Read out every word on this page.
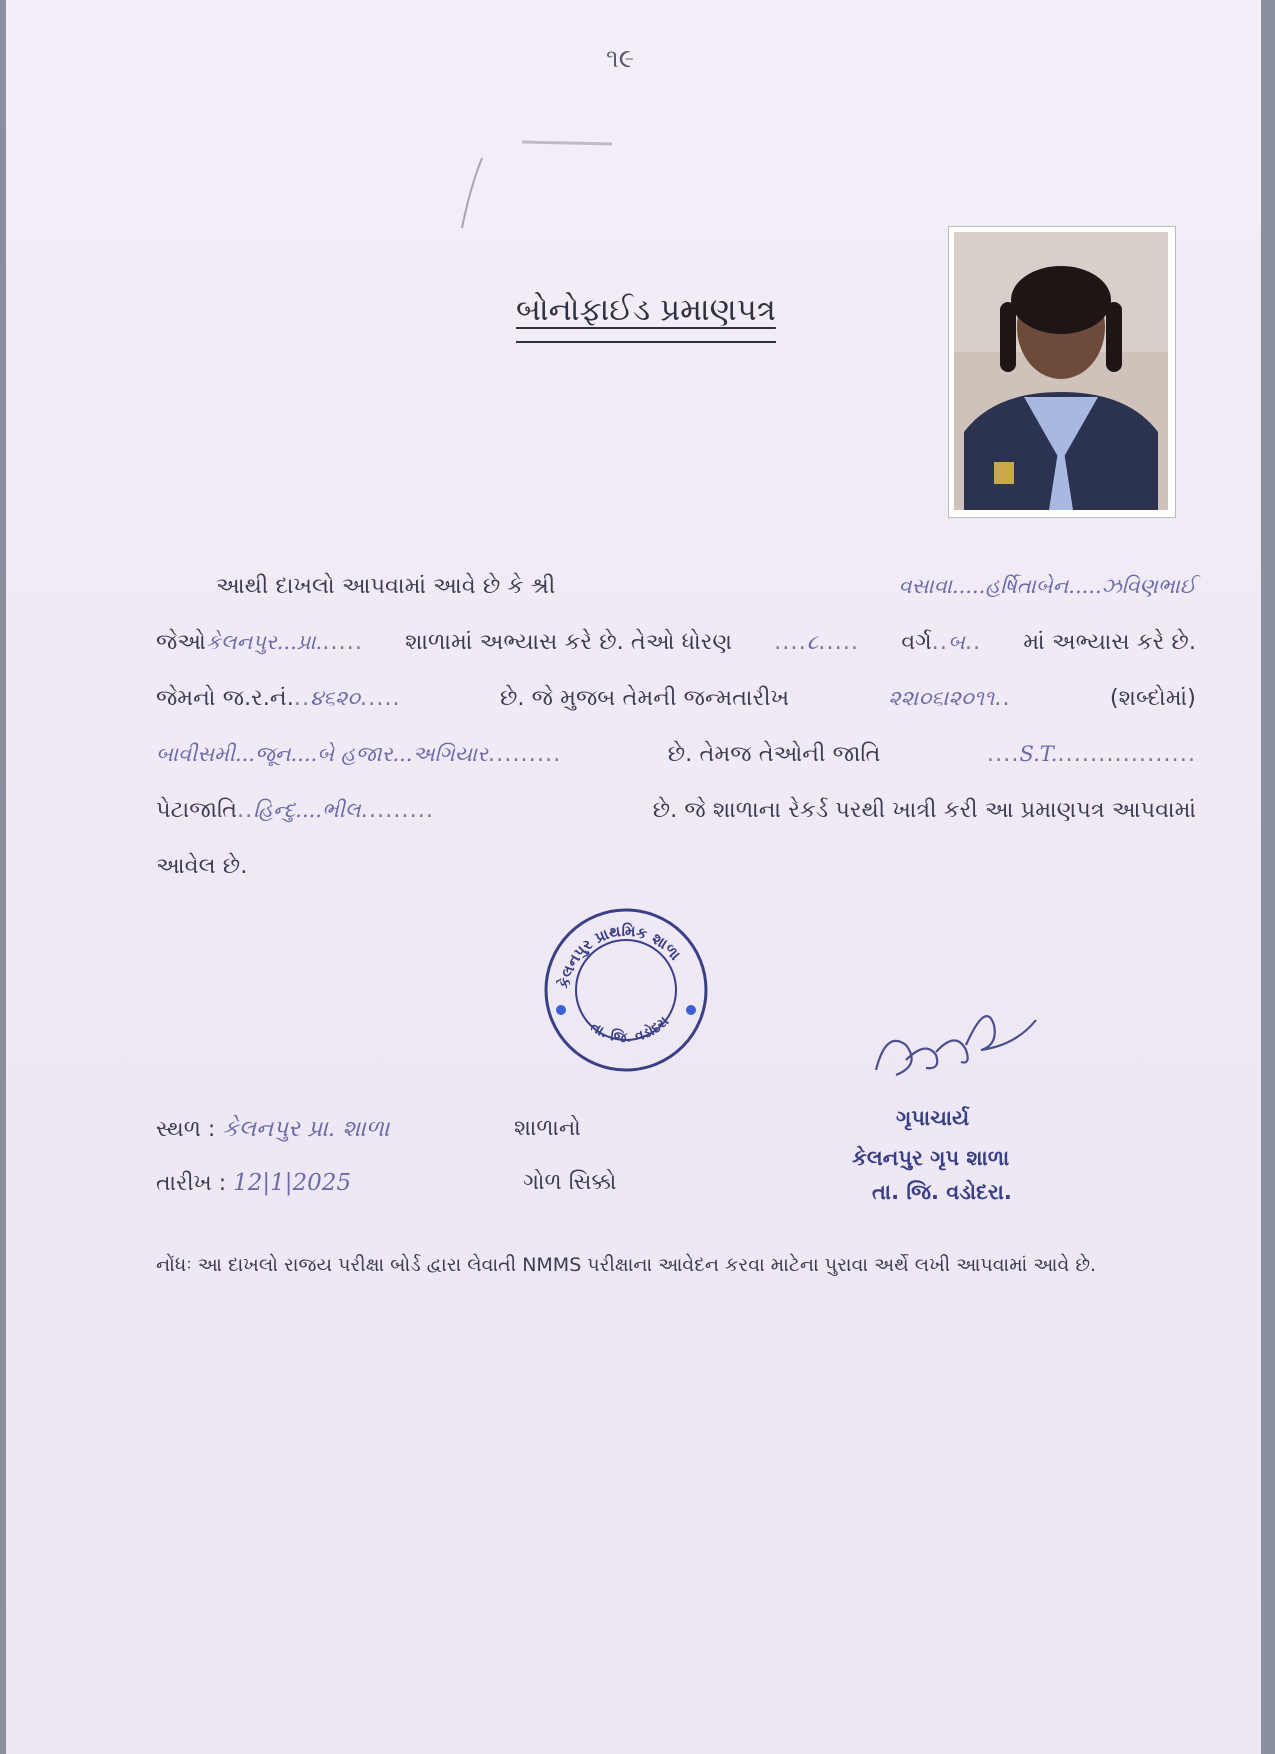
૧૯
બોનોફાઈડ પ્રમાણપત્ર
આથી દાખલો આપવામાં આવે છે કે શ્રી	વસાવા.....હર્ષિતાબેન.....ઝવિણભાઈ
જેઓકેલનપુર...પ્રા...... શાળામાં અભ્યાસ કરે છે. તેઓ ધોરણ ....૮..... વર્ગ..બ.. માં અભ્યાસ કરે છે.
જેમનો જ.ર.નં...૪૬૨૦.....	છે. જે મુજબ તેમની જન્મતારીખ	૨૨।૦૬।૨૦૧૧..	(શબ્દોમાં)
બાવીસમી...જૂન....બે હજાર...અગિયાર.........	છે. તેમજ તેઓની જાતિ	....S.T..................
પેટાજાતિ..હિન્દુ....ભીલ.........	છે. જે શાળાના રેકર્ડ પરથી ખાત્રી કરી આ પ્રમાણપત્ર આપવામાં
આવેલ છે.
કેલનપુર પ્રાથમિક શાળા
તા. જિ. વડોદરા
સ્થળ : કેલનપુર પ્રા. શાળા
તારીખ : 12|1|2025
શાળાનો
ગોળ સિક્કો
ગૃપાચાર્ય
કેલનપુર ગૃપ શાળા
તા. જિ. વડોદરા.
નોંધઃ આ દાખલો રાજય પરીક્ષા બોર્ડ દ્વારા લેવાતી NMMS પરીક્ષાના આવેદન કરવા માટેના પુરાવા અર્થે લખી આપવામાં આવે છે.
